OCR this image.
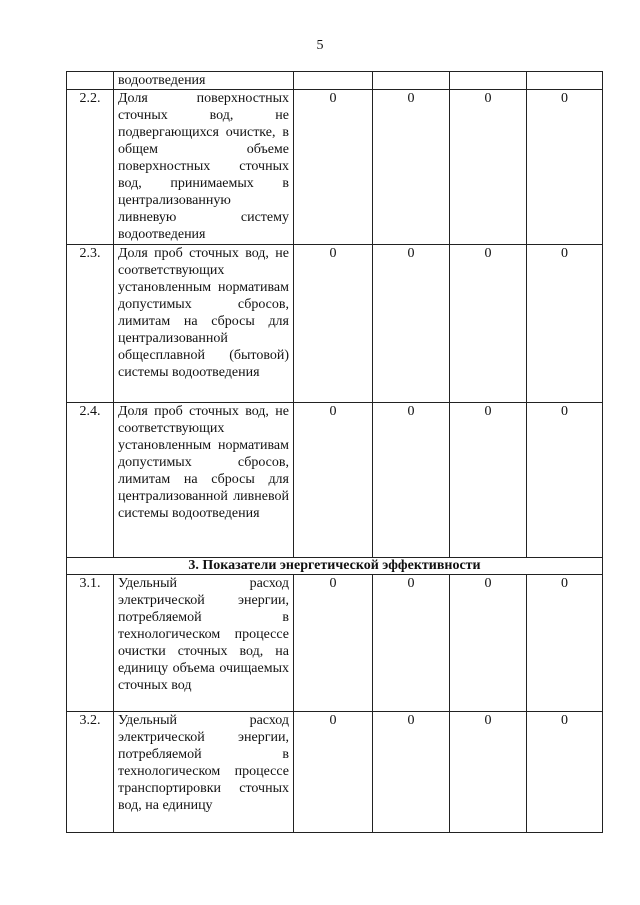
5
	водоотведения				
2.2.	Доля поверхностных сточных вод, не подвергающихся очистке, в общем объеме поверхностных сточных вод, принимаемых в централизованную ливневую систему водоотведения	0	0	0	0
2.3.	Доля проб сточных вод, не соответствующих установленным нормативам допустимых сбросов, лимитам на сбросы для централизованной общесплавной (бытовой) системы водоотведения	0	0	0	0
2.4.	Доля проб сточных вод, не соответствующих установленным нормативам допустимых сбросов, лимитам на сбросы для централизованной ливневой системы водоотведения	0	0	0	0
3. Показатели энергетической эффективности					
3.1.	Удельный расход электрической энергии, потребляемой в технологическом процессе очистки сточных вод, на единицу объема очищаемых сточных вод	0	0	0	0
3.2.	Удельный расход электрической энергии, потребляемой в технологическом процессе транспортировки сточных вод, на единицу	0	0	0	0
